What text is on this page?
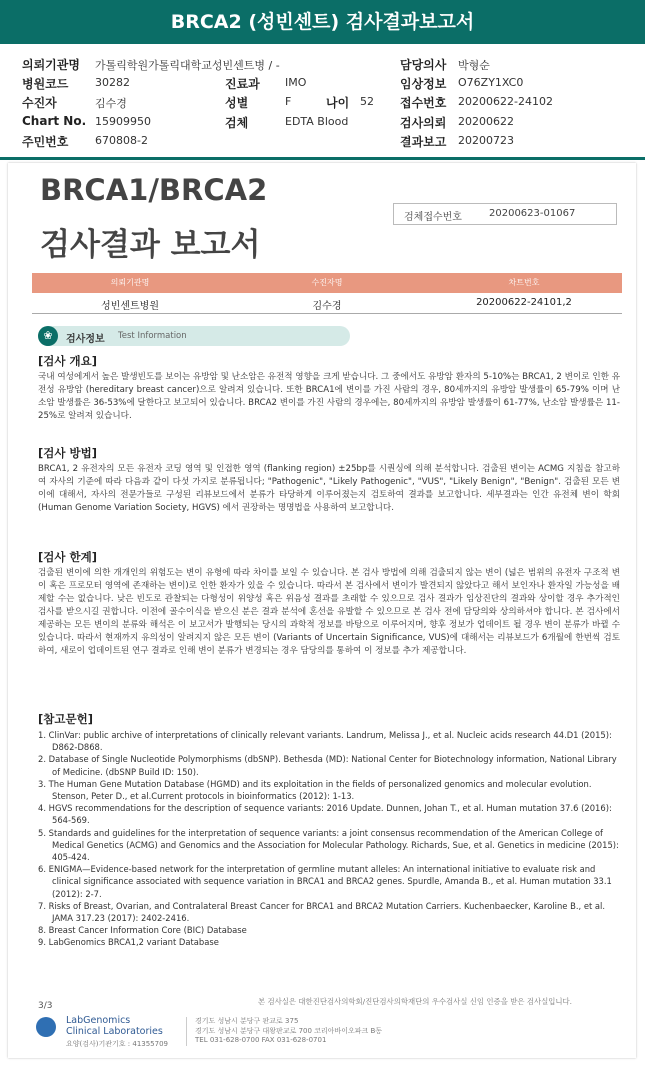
BRCA2 (성빈센트) 검사결과보고서
의뢰기관명 가톨릭학원가톨릭대학교성빈센트병 / -	담당의사 박형순
병원코드 30282	진료과 IMO	임상정보 O76ZY1XC0
수진자	김수경	성별	F	나이 52 접수번호 20200622-24102
Chart No. 15909950	검체	EDTA Blood	검사의뢰 20200622
주민번호 670808-2	결과보고 20200723
BRCA1/BRCA2
검사결과 보고서
검체접수번호	20200623-01067
의뢰기관명	수진자명	차트번호
성빈센트병원	김수경	20200622-24101,2
❀	검사정보 Test Information
[검사 개요]

국내 여성에게서 높은 발생빈도를 보이는 유방암 및 난소암은 유전적 영향을 크게 받습니다. 그 중에서도 유방암 환자의 5-10%는 BRCA1, 2 변이로 인한 유전성 유방암 (hereditary breast cancer)으로 알려져 있습니다. 또한 BRCA1에 변이를 가진 사람의 경우, 80세까지의 유방암 발생률이 65-79% 이며 난소암 발생률은 36-53%에 달한다고 보고되어 있습니다. BRCA2 변이를 가진 사람의 경우에는, 80세까지의 유방암 발생률이 61-77%, 난소암 발생률은 11-25%로 알려져 있습니다.

[검사 방법]

BRCA1, 2 유전자의 모든 유전자 코딩 영역 및 인접한 영역 (flanking region) ±25bp를 시퀀싱에 의해 분석합니다. 검출된 변이는 ACMG 지침을 참고하여 자사의 기준에 따라 다음과 같이 다섯 가지로 분류됩니다; "Pathogenic", "Likely Pathogenic", "VUS", "Likely Benign", "Benign". 검출된 모든 변이에 대해서, 자사의 전문가들로 구성된 리뷰보드에서 분류가 타당하게 이루어졌는지 검토하여 결과를 보고합니다. 세부결과는 인간 유전체 변이 학회 (Human Genome Variation Society, HGVS) 에서 권장하는 명명법을 사용하여 보고합니다.

[검사 한계]

검출된 변이에 의한 개개인의 위험도는 변이 유형에 따라 차이를 보일 수 있습니다. 본 검사 방법에 의해 검출되지 않는 변이 (넓은 범위의 유전자 구조적 변이 혹은 프로모터 영역에 존재하는 변이)로 인한 환자가 있을 수 있습니다. 따라서 본 검사에서 변이가 발견되지 않았다고 해서 보인자나 환자일 가능성을 배제할 수는 없습니다. 낮은 빈도로 관찰되는 다형성이 위양성 혹은 위음성 결과를 초래할 수 있으므로 검사 결과가 임상진단의 결과와 상이할 경우 추가적인 검사를 받으시길 권합니다. 이전에 골수이식을 받으신 분은 결과 분석에 혼선을 유발할 수 있으므로 본 검사 전에 담당의와 상의하셔야 합니다. 본 검사에서 제공하는 모든 변이의 분류와 해석은 이 보고서가 발행되는 당시의 과학적 정보를 바탕으로 이루어지며, 향후 정보가 업데이트 될 경우 변이 분류가 바뀔 수 있습니다. 따라서 현재까지 유의성이 알려지지 않은 모든 변이 (Variants of Uncertain Significance, VUS)에 대해서는 리뷰보드가 6개월에 한번씩 검토하여, 새로이 업데이트된 연구 결과로 인해 변이 분류가 변경되는 경우 담당의를 통하여 이 정보를 추가 제공합니다.

[참고문헌]
1. ClinVar: public archive of interpretations of clinically relevant variants. Landrum, Melissa J., et al. Nucleic acids research 44.D1 (2015): D862-D868.
2. Database of Single Nucleotide Polymorphisms (dbSNP). Bethesda (MD): National Center for Biotechnology information, National Library of Medicine. (dbSNP Build ID: 150).
3. The Human Gene Mutation Database (HGMD) and its exploitation in the fields of personalized genomics and molecular evolution. Stenson, Peter D., et al.Current protocols in bioinformatics (2012): 1-13.
4. HGVS recommendations for the description of sequence variants: 2016 Update. Dunnen, Johan T., et al. Human mutation 37.6 (2016): 564-569.
5. Standards and guidelines for the interpretation of sequence variants: a joint consensus recommendation of the American College of Medical Genetics (ACMG) and Genomics and the Association for Molecular Pathology. Richards, Sue, et al. Genetics in medicine (2015): 405-424.
6. ENIGMA—Evidence-based network for the interpretation of germline mutant alleles: An international initiative to evaluate risk and clinical significance associated with sequence variation in BRCA1 and BRCA2 genes. Spurdle, Amanda B., et al. Human mutation 33.1 (2012): 2-7.
7. Risks of Breast, Ovarian, and Contralateral Breast Cancer for BRCA1 and BRCA2 Mutation Carriers. Kuchenbaecker, Karoline B., et al. JAMA 317.23 (2017): 2402-2416.
8. Breast Cancer Information Core (BIC) Database
9. LabGenomics BRCA1,2 variant Database
본 검사실은 대한진단검사의학회/진단검사의학재단의 우수검사실 신임 인증을 받은 검사실입니다.
3/3
LabGenomics
Clinical Laboratories
요양(검사)기관기호 : 41355709
경기도 성남시 분당구 판교로 375
경기도 성남시 분당구 대왕판교로 700 코리아바이오파크 B동
TEL 031-628-0700 FAX 031-628-0701
